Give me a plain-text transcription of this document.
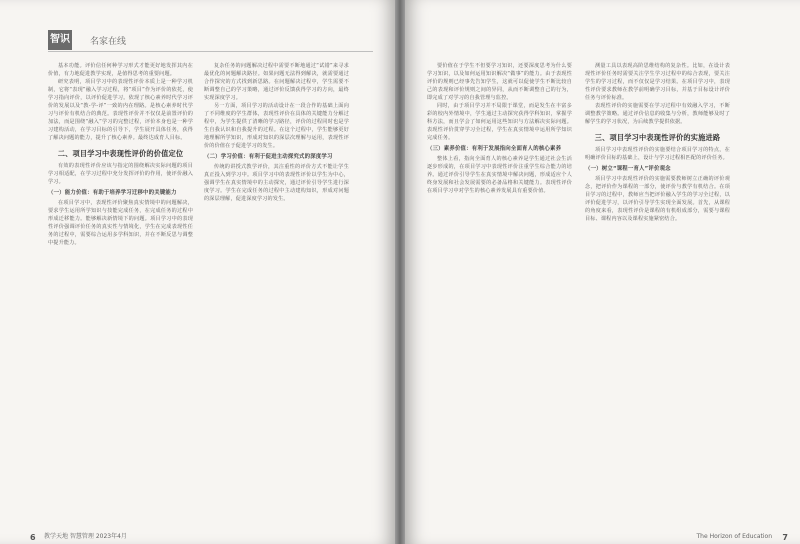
智识 名家在线

基本功能。评价信任何种学习形式才能更好地发挥其内在价值，有力地促进教学实现，是值得思考的重要问题。

研究表明，项目学习中的表现性评价本质上是一种学习机制，它将“表现”融入学习过程，将“项目”作为评价的依托，使学习指向评价，以评价促进学习。依现了核心素养时代学习评价的发展以及“教-学-评”一致的内在理路。是核心素养时代学习与评价有机结合的典范。表现性评价并不仅仅是前置评价的加法，而是围绕“融入”学习的完整过程，评价本身也是一种学习建构活动，在学习目标的引导下，学生展开具体任务，获得了解决问题的能力，提升了核心素养。最终达成育人目标。

二、项目学习中表现性评价的价值定位

有效的表现性评价应该与指定的围绕解决实际问题的项目学习相适配，在学习过程中充分发挥评价的作用，使评价融入学习。

（一）能力价值：有助于培养学习迁移中的关键能力

在项目学习中，表现性评价聚焦真实情境中的问题解决，要求学生运用所学知识与技能完成任务，在完成任务的过程中形成迁移能力。能够解决新情境下的问题。项目学习中的表现性评价强调评价任务的真实性与情境化，学生在完成表现性任务的过程中，需要综合运用多学科知识，并在不断反思与调整中提升能力。

复杂任务的问题解决过程中需要不断地通过“试错”来寻求最优化的问题解决路径。如果问题无法得到解决，就需要通过合作探究的方式找到新思路。在问题解决过程中，学生需要不断调整自己的学习策略，通过评价反馈获得学习的方向，最终实现深度学习。

另一方面，项目学习的活动设计在一段合作的基础上面向了不同维度的学生群体，表现性评价在具体的关键能力分解过程中，为学生提供了清晰的学习路径，评价的过程同时也是学生自我认识和自我提升的过程。在这个过程中，学生能够更好地理解所学知识，形成对知识的深层次理解与运用，表现性评价的价值在于促进学习的发生。

（二）学习价值：有利于促进主动探究式的深度学习

传统的讲授式教学评价，其注重性的评价方式不能让学生真正投入到学习中。项目学习中的表现性评价以学生为中心，强调学生在真实情境中的主动探究，通过评价引导学生进行深度学习。学生在完成任务的过程中主动建构知识，形成对问题的深层理解，促进深度学习的发生。

6 教学天地 智慧管理 2023年4月

要价值在于学生不但要学习知识，还要深度思考为什么要学习知识，以及如何运用知识解决“做事”的能力。由于表现性评价的规则已经事先告知学生，这就可以促使学生不断比较自己的表现和评价规则之间的异同，从而不断调整自己的行为，即完成了对学习的自我管理与监控。

同时，由于项目学习并不局限于课堂，而是发生在丰富多彩的校内外情境中，学生通过主动探究获得学科知识，掌握学科方法，而且学会了如何运用这些知识与方法解决实际问题。表现性评价贯穿学习全过程，学生在真实情境中运用所学知识完成任务。

（三）素养价值：有利于发展指向全面育人的核心素养

整体上看，指向全面育人的核心素养是学生通过社会生活逐步形成的，在项目学习中表现性评价注重学生综合能力的培养。通过评价引导学生在真实情境中解决问题，形成适应个人终身发展和社会发展需要的必备品格和关键能力。表现性评价在项目学习中对学生的核心素养发展具有重要价值。

测量工具以表现高阶思维结构的复杂性。比如，在设计表现性评价任务时需要关注学生学习过程中的综合表现，要关注学生的学习过程，而不仅仅是学习结果。在项目学习中，表现性评价要求教师在教学前明确学习目标，并基于目标设计评价任务与评价标准。

表现性评价的实施需要在学习过程中有效融入学习，不断调整教学策略。通过评价信息的收集与分析，教师能够及时了解学生的学习状况，为后续教学提供依据。

三、项目学习中表现性评价的实施进路

项目学习中表现性评价的实施要结合项目学习的特点，在明确评价目标的基础上，设计与学习过程相匹配的评价任务。

（一）树立“课程一育人”评价观念

项目学习中表现性评价的实施需要教师树立正确的评价观念，把评价作为课程的一部分，使评价与教学有机结合。在项目学习的过程中，教师应当把评价融入学生的学习全过程，以评价促进学习，以评价引导学生实现全面发展。首先，从课程的角度来看，表现性评价是课程的有机组成部分，需要与课程目标、课程内容以及课程实施紧密结合。

The Horizon of Education 7
